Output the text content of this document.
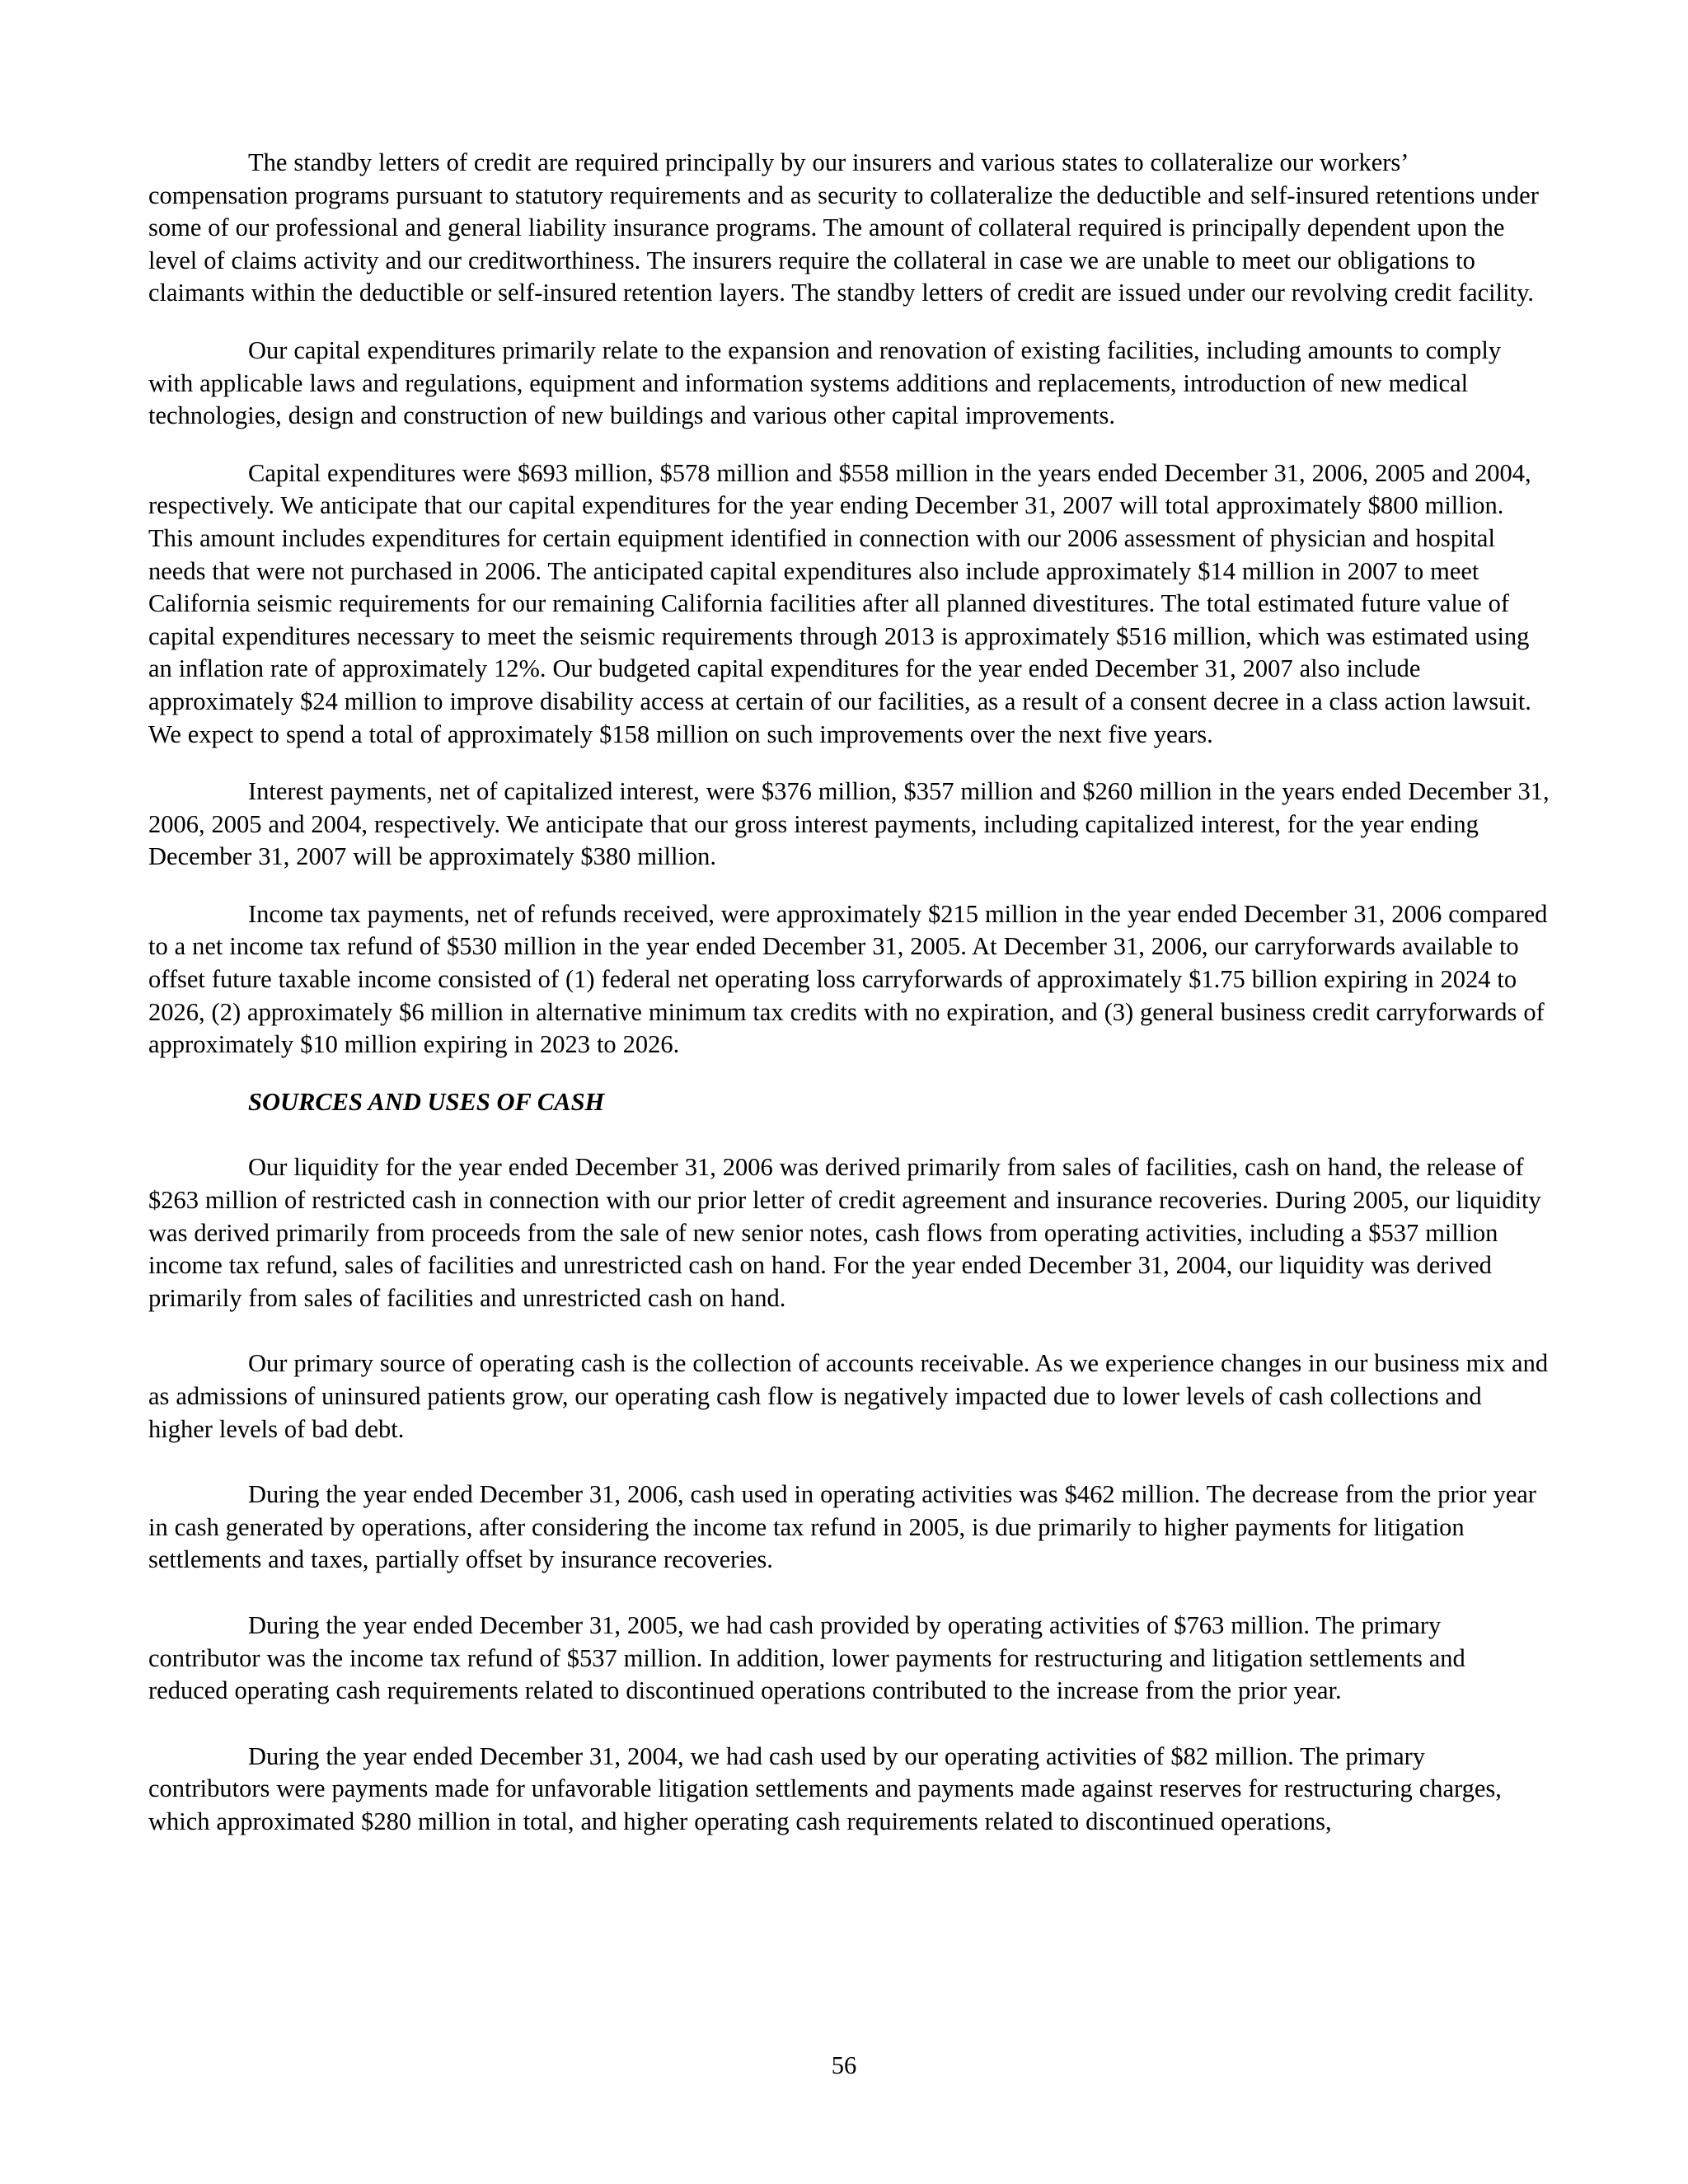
The standby letters of credit are required principally by our insurers and various states to collateralize our workers’ compensation programs pursuant to statutory requirements and as security to collateralize the deductible and self-insured retentions under some of our professional and general liability insurance programs. The amount of collateral required is principally dependent upon the level of claims activity and our creditworthiness. The insurers require the collateral in case we are unable to meet our obligations to claimants within the deductible or self-insured retention layers. The standby letters of credit are issued under our revolving credit facility.

Our capital expenditures primarily relate to the expansion and renovation of existing facilities, including amounts to comply with applicable laws and regulations, equipment and information systems additions and replacements, introduction of new medical technologies, design and construction of new buildings and various other capital improvements.

Capital expenditures were $693 million, $578 million and $558 million in the years ended December 31, 2006, 2005 and 2004, respectively. We anticipate that our capital expenditures for the year ending December 31, 2007 will total approximately $800 million. This amount includes expenditures for certain equipment identified in connection with our 2006 assessment of physician and hospital needs that were not purchased in 2006. The anticipated capital expenditures also include approximately $14 million in 2007 to meet California seismic requirements for our remaining California facilities after all planned divestitures. The total estimated future value of capital expenditures necessary to meet the seismic requirements through 2013 is approximately $516 million, which was estimated using an inflation rate of approximately 12%. Our budgeted capital expenditures for the year ended December 31, 2007 also include approximately $24 million to improve disability access at certain of our facilities, as a result of a consent decree in a class action lawsuit. We expect to spend a total of approximately $158 million on such improvements over the next five years.

Interest payments, net of capitalized interest, were $376 million, $357 million and $260 million in the years ended December 31, 2006, 2005 and 2004, respectively. We anticipate that our gross interest payments, including capitalized interest, for the year ending December 31, 2007 will be approximately $380 million.

Income tax payments, net of refunds received, were approximately $215 million in the year ended December 31, 2006 compared to a net income tax refund of $530 million in the year ended December 31, 2005. At December 31, 2006, our carryforwards available to offset future taxable income consisted of (1) federal net operating loss carryforwards of approximately $1.75 billion expiring in 2024 to 2026, (2) approximately $6 million in alternative minimum tax credits with no expiration, and (3) general business credit carryforwards of approximately $10 million expiring in 2023 to 2026.

SOURCES AND USES OF CASH

Our liquidity for the year ended December 31, 2006 was derived primarily from sales of facilities, cash on hand, the release of $263 million of restricted cash in connection with our prior letter of credit agreement and insurance recoveries. During 2005, our liquidity was derived primarily from proceeds from the sale of new senior notes, cash flows from operating activities, including a $537 million income tax refund, sales of facilities and unrestricted cash on hand. For the year ended December 31, 2004, our liquidity was derived primarily from sales of facilities and unrestricted cash on hand.

Our primary source of operating cash is the collection of accounts receivable. As we experience changes in our business mix and as admissions of uninsured patients grow, our operating cash flow is negatively impacted due to lower levels of cash collections and higher levels of bad debt.

During the year ended December 31, 2006, cash used in operating activities was $462 million. The decrease from the prior year in cash generated by operations, after considering the income tax refund in 2005, is due primarily to higher payments for litigation settlements and taxes, partially offset by insurance recoveries.

During the year ended December 31, 2005, we had cash provided by operating activities of $763 million. The primary contributor was the income tax refund of $537 million. In addition, lower payments for restructuring and litigation settlements and reduced operating cash requirements related to discontinued operations contributed to the increase from the prior year.

During the year ended December 31, 2004, we had cash used by our operating activities of $82 million. The primary contributors were payments made for unfavorable litigation settlements and payments made against reserves for restructuring charges, which approximated $280 million in total, and higher operating cash requirements related to discontinued operations,

56
